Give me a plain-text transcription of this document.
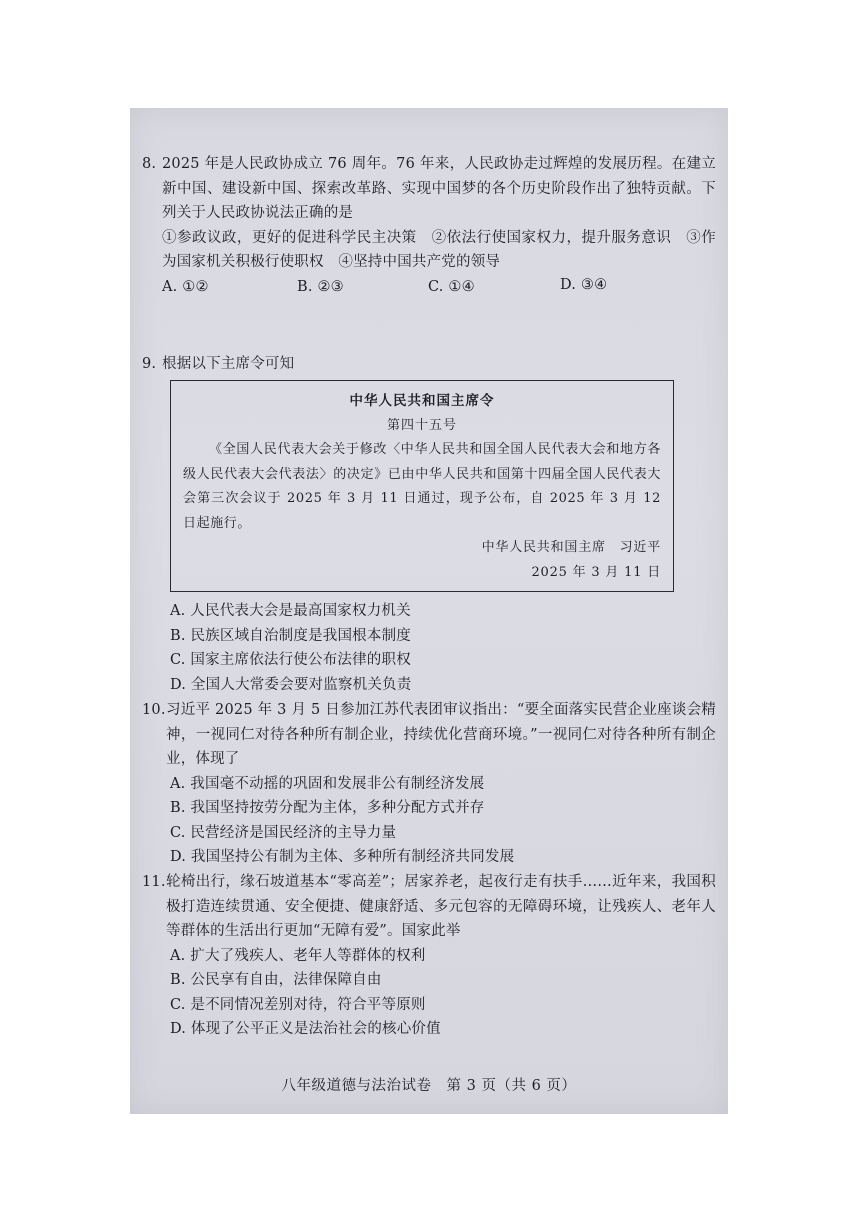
8. 2025 年是人民政协成立 76 周年。76 年来，人民政协走过辉煌的发展历程。在建立新中国、建设新中国、探索改革路、实现中国梦的各个历史阶段作出了独特贡献。下列关于人民政协说法正确的是
①参政议政，更好的促进科学民主决策　②依法行使国家权力，提升服务意识　③作为国家机关积极行使职权　④坚持中国共产党的领导
A. ①②	B. ②③	C. ①④	D. ③④
9. 根据以下主席令可知
中华人民共和国主席令
第四十五号
《全国人民代表大会关于修改〈中华人民共和国全国人民代表大会和地方各级人民代表大会代表法〉的决定》已由中华人民共和国第十四届全国人民代表大会第三次会议于 2025 年 3 月 11 日通过，现予公布，自 2025 年 3 月 12 日起施行。
中华人民共和国主席　习近平
2025 年 3 月 11 日
A. 人民代表大会是最高国家权力机关
B. 民族区域自治制度是我国根本制度
C. 国家主席依法行使公布法律的职权
D. 全国人大常委会要对监察机关负责
10. 习近平 2025 年 3 月 5 日参加江苏代表团审议指出：“要全面落实民营企业座谈会精神，一视同仁对待各种所有制企业，持续优化营商环境。”一视同仁对待各种所有制企业，体现了
A. 我国毫不动摇的巩固和发展非公有制经济发展
B. 我国坚持按劳分配为主体，多种分配方式并存
C. 民营经济是国民经济的主导力量
D. 我国坚持公有制为主体、多种所有制经济共同发展
11. 轮椅出行，缘石坡道基本“零高差”；居家养老，起夜行走有扶手……近年来，我国积极打造连续贯通、安全便捷、健康舒适、多元包容的无障碍环境，让残疾人、老年人等群体的生活出行更加“无障有爱”。国家此举
A. 扩大了残疾人、老年人等群体的权利
B. 公民享有自由，法律保障自由
C. 是不同情况差别对待，符合平等原则
D. 体现了公平正义是法治社会的核心价值
八年级道德与法治试卷　第 3 页（共 6 页）
